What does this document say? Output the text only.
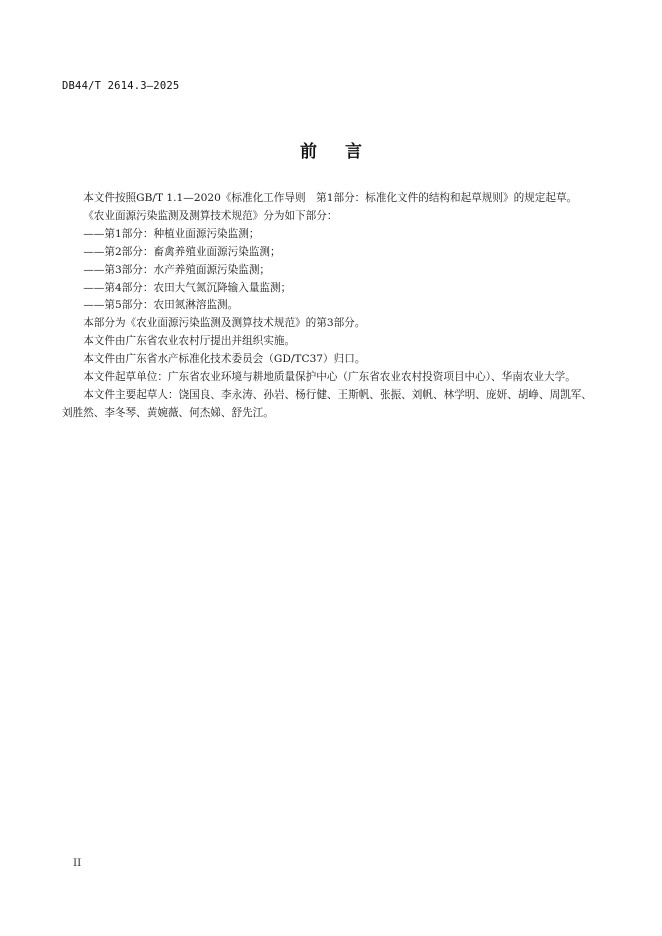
DB44/T 2614.3—2025
前言

本文件按照GB/T 1.1—2020《标准化工作导则　第1部分：标准化文件的结构和起草规则》的规定起草。

《农业面源污染监测及测算技术规范》分为如下部分：

——第1部分：种植业面源污染监测；

——第2部分：畜禽养殖业面源污染监测；

——第3部分：水产养殖面源污染监测；

——第4部分：农田大气氮沉降输入量监测；

——第5部分：农田氮淋溶监测。

本部分为《农业面源污染监测及测算技术规范》的第3部分。

本文件由广东省农业农村厅提出并组织实施。

本文件由广东省水产标准化技术委员会（GD/TC37）归口。

本文件起草单位：广东省农业环境与耕地质量保护中心（广东省农业农村投资项目中心）、华南农业大学。

本文件主要起草人：饶国良、李永涛、孙岩、杨行健、王斯帆、张振、刘帆、林学明、庞妍、胡峥、周凯军、刘胜然、李冬琴、黄婉薇、何杰娣、舒先江。

II
